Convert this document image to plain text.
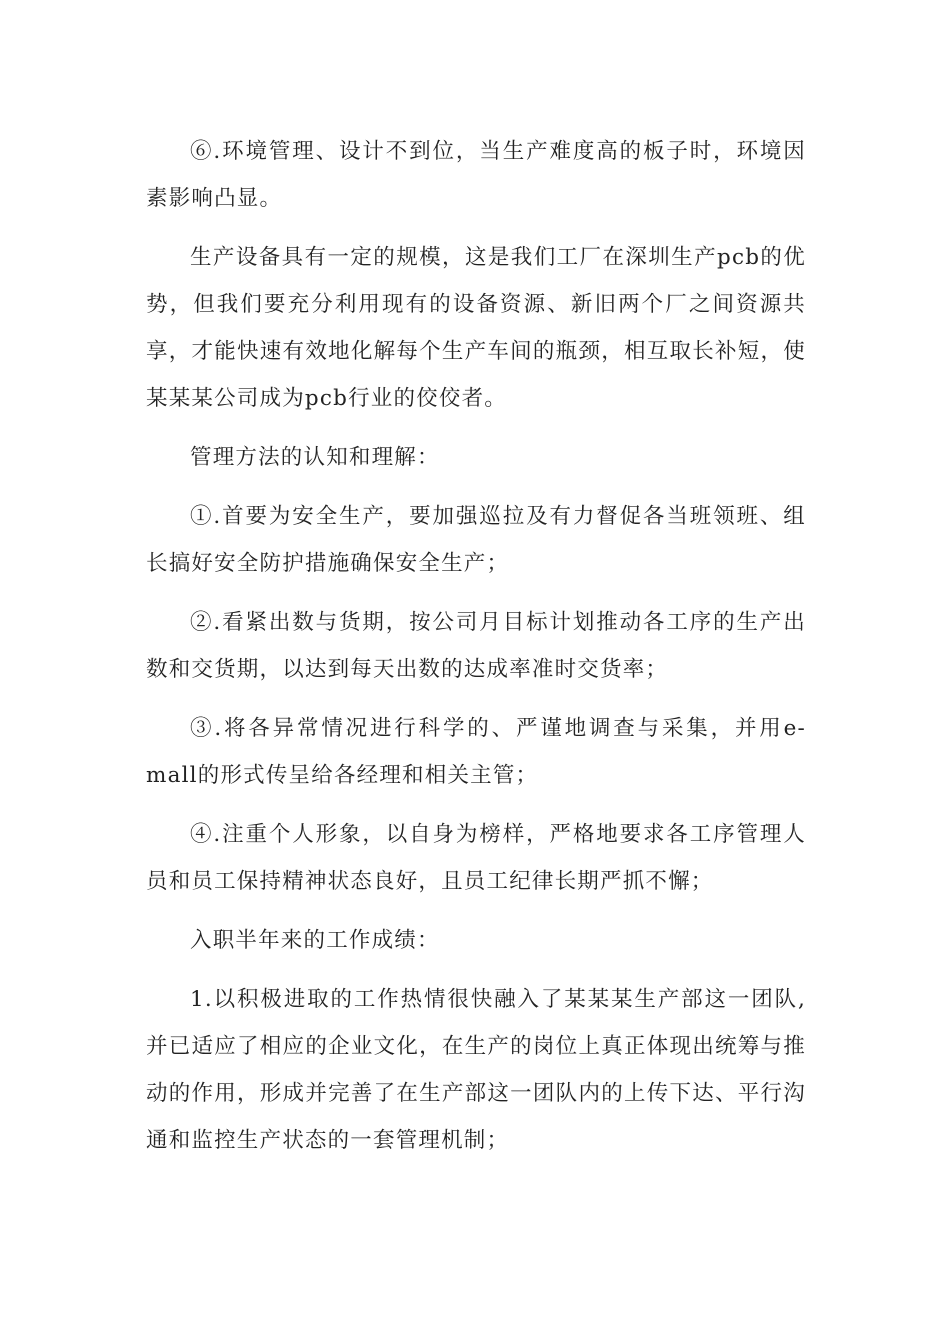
⑥.环境管理、设计不到位，当生产难度高的板子时，环境因素影响凸显。

生产设备具有一定的规模，这是我们工厂在深圳生产pcb的优势，但我们要充分利用现有的设备资源、新旧两个厂之间资源共享，才能快速有效地化解每个生产车间的瓶颈，相互取长补短，使某某某公司成为pcb行业的佼佼者。

管理方法的认知和理解：

①.首要为安全生产，要加强巡拉及有力督促各当班领班、组长搞好安全防护措施确保安全生产；

②.看紧出数与货期，按公司月目标计划推动各工序的生产出数和交货期，以达到每天出数的达成率准时交货率；

③.将各异常情况进行科学的、严谨地调查与采集，并用e-mall的形式传呈给各经理和相关主管；

④.注重个人形象，以自身为榜样，严格地要求各工序管理人员和员工保持精神状态良好，且员工纪律长期严抓不懈；

入职半年来的工作成绩：

1.以积极进取的工作热情很快融入了某某某生产部这一团队,并已适应了相应的企业文化，在生产的岗位上真正体现出统筹与推动的作用，形成并完善了在生产部这一团队内的上传下达、平行沟通和监控生产状态的一套管理机制；
